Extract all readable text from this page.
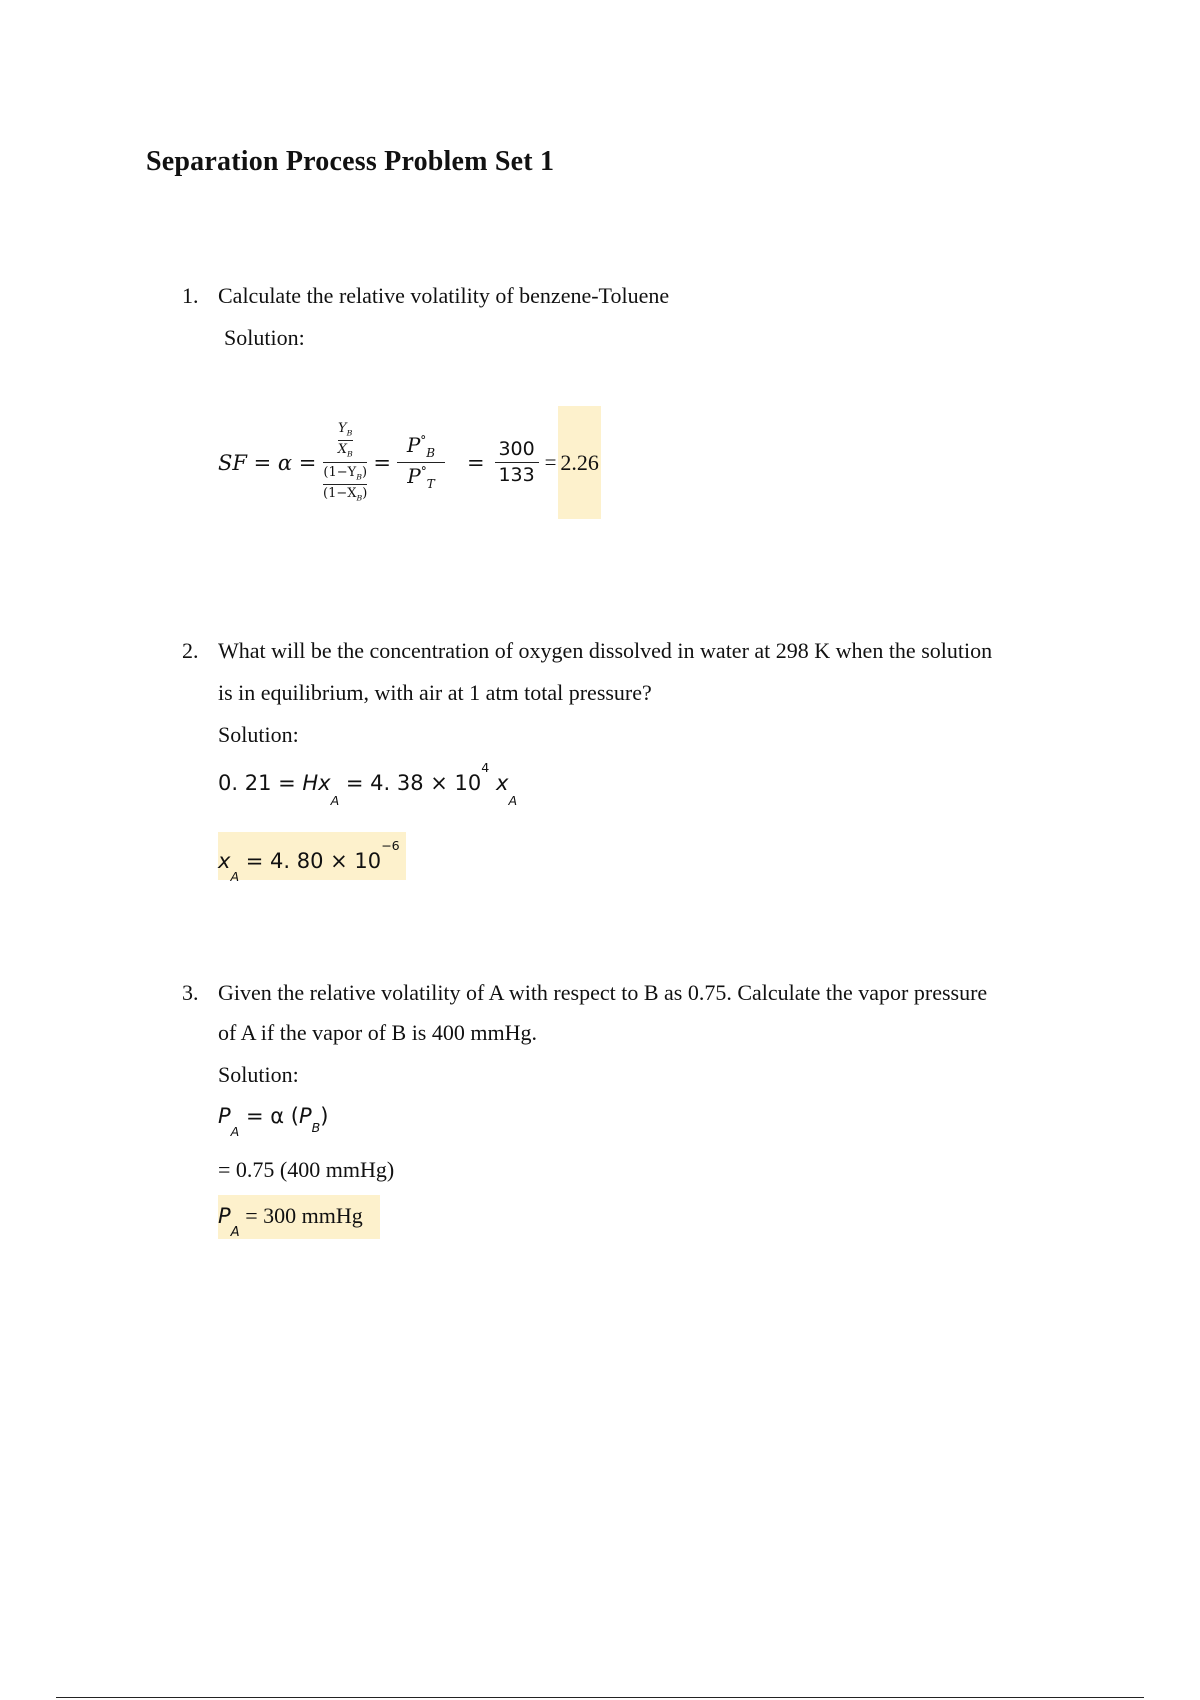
Separation Process Problem Set 1
1. Calculate the relative volatility of benzene-Toluene
Solution:
SF = α =
$\frac{\frac{Y_B}{X_B}}{\frac{(1-Y_B)}{(1-X_B)}} = \frac{P^\circ_B}{P^\circ_T} = \frac{300}{133} = 2.26$
2. What will be the concentration of oxygen dissolved in water at 298 K when the solution
is in equilibrium, with air at 1 atm total pressure?
Solution:
0. $21 = Hx_A = 4$. $38 \times 10^4$ $x_A$
$x_A = 4$. $80 \times 10^{-6}$
3. Given the relative volatility of A with respect to B as 0.75. Calculate the vapor pressure
of A if the vapor of B is 400 mmHg.
Solution:
$P_A = \alpha$ $(P_B)$
= 0.75 (400 mmHg)
$P_A = 300$ mmHg
